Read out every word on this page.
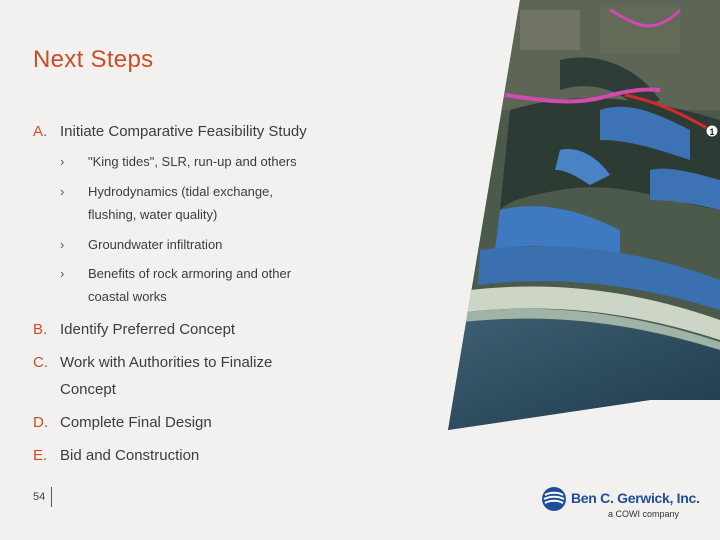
1
Next Steps
A. Initiate Comparative Feasibility Study
› "King tides", SLR, run-up and others
› Hydrodynamics (tidal exchange, flushing, water quality)
› Groundwater infiltration
› Benefits of rock armoring and other coastal works
B. Identify Preferred Concept
C. Work with Authorities to Finalize Concept
D. Complete Final Design
E. Bid and Construction
54	Ben C. Gerwick, Inc.
a COWI company
